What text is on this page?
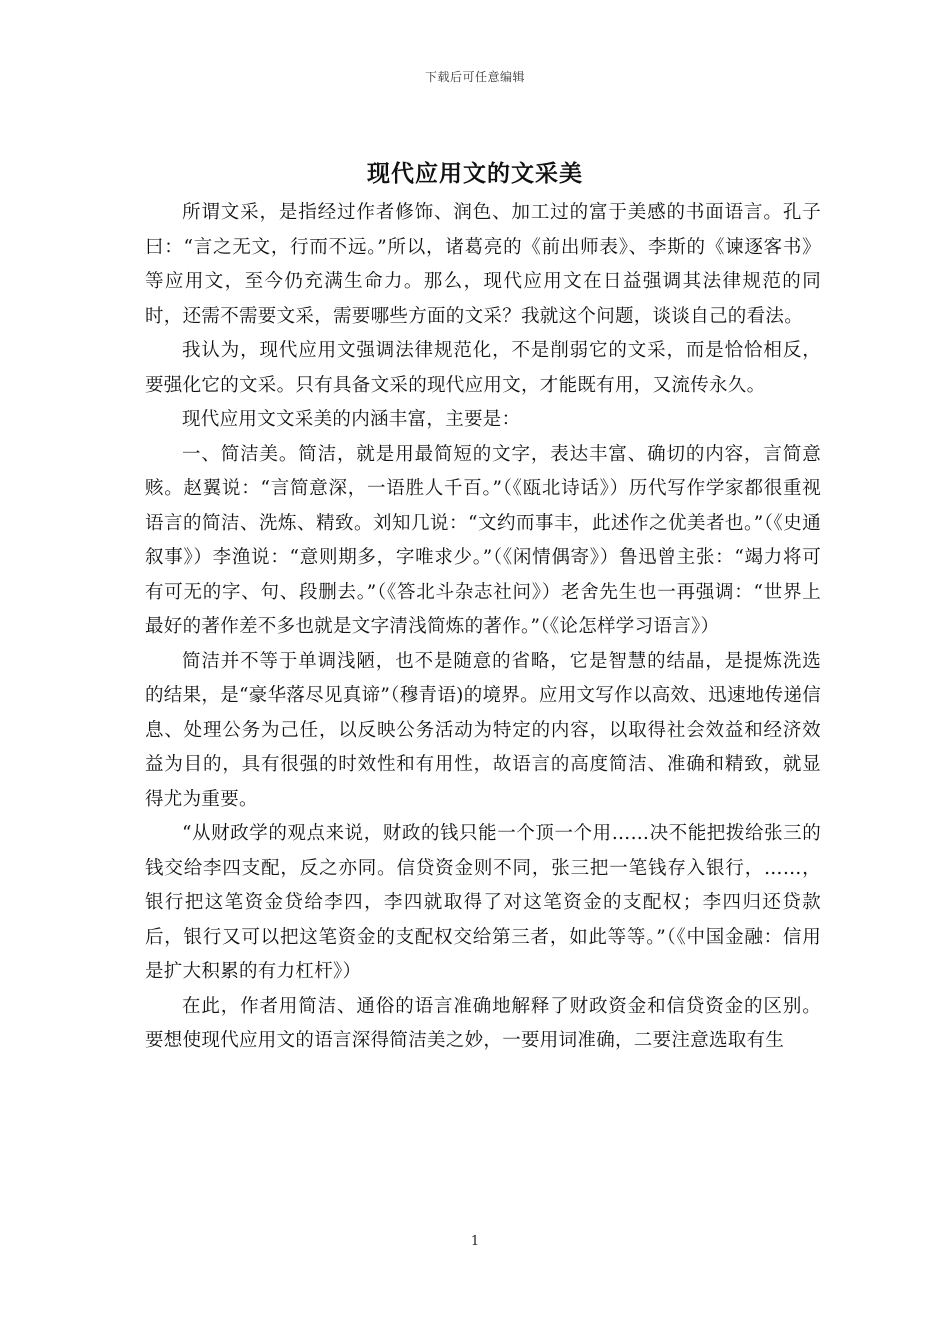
下载后可任意编辑
现代应用文的文采美

所谓文采，是指经过作者修饰、润色、加工过的富于美感的书面语言。孔子曰：“言之无文，行而不远。”所以，诸葛亮的《前出师表》、李斯的《谏逐客书》等应用文，至今仍充满生命力。那么，现代应用文在日益强调其法律规范的同时，还需不需要文采，需要哪些方面的文采？我就这个问题，谈谈自己的看法。

我认为，现代应用文强调法律规范化，不是削弱它的文采，而是恰恰相反，要强化它的文采。只有具备文采的现代应用文，才能既有用，又流传永久。

现代应用文文采美的内涵丰富，主要是：

一、简洁美。简洁，就是用最简短的文字，表达丰富、确切的内容，言简意赅。赵翼说：“言简意深，一语胜人千百。”（《瓯北诗话》）历代写作学家都很重视语言的简洁、洗炼、精致。刘知几说：“文约而事丰，此述作之优美者也。”（《史通叙事》）李渔说：“意则期多，字唯求少。”（《闲情偶寄》）鲁迅曾主张：“竭力将可有可无的字、句、段删去。”（《答北斗杂志社问》）老舍先生也一再强调：“世界上最好的著作差不多也就是文字清浅简炼的著作。”（《论怎样学习语言》）

简洁并不等于单调浅陋，也不是随意的省略，它是智慧的结晶，是提炼洗选的结果，是“豪华落尽见真谛”（穆青语)的境界。应用文写作以高效、迅速地传递信息、处理公务为己任，以反映公务活动为特定的内容，以取得社会效益和经济效益为目的，具有很强的时效性和有用性，故语言的高度简洁、准确和精致，就显得尤为重要。

“从财政学的观点来说，财政的钱只能一个顶一个用……决不能把拨给张三的钱交给李四支配，反之亦同。信贷资金则不同，张三把一笔钱存入银行，……，银行把这笔资金贷给李四，李四就取得了对这笔资金的支配权；李四归还贷款后，银行又可以把这笔资金的支配权交给第三者，如此等等。”（《中国金融：信用是扩大积累的有力杠杆》）

在此，作者用简洁、通俗的语言准确地解释了财政资金和信贷资金的区别。要想使现代应用文的语言深得简洁美之妙，一要用词准确，二要注意选取有生

1
